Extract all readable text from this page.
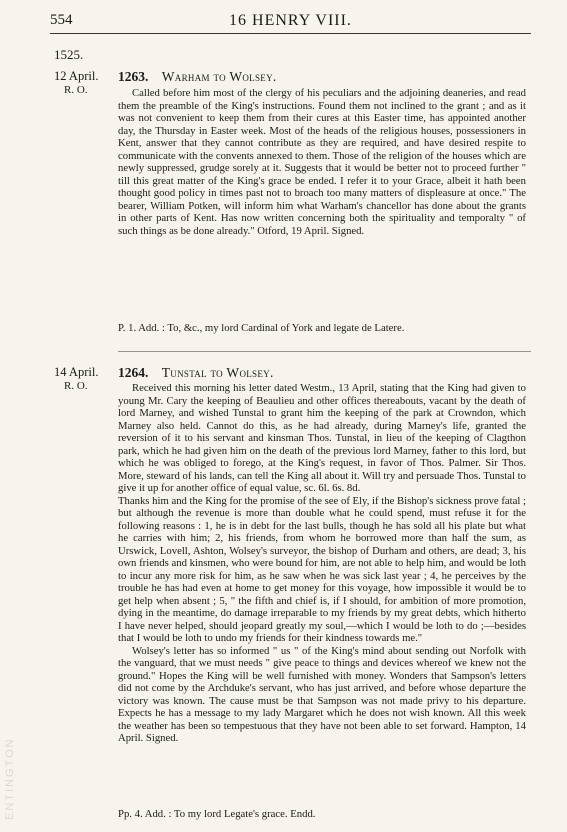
554	16 HENRY VIII.
1525.
12 April.
R. O.
1263. Warham to Wolsey.

Called before him most of the clergy of his peculiars and the adjoining deaneries, and read them the preamble of the King's instructions. Found them not inclined to the grant ; and as it was not convenient to keep them from their cures at this Easter time, has appointed another day, the Thursday in Easter week. Most of the heads of the religious houses, possessioners in Kent, answer that they cannot contribute as they are required, and have desired respite to communicate with the convents annexed to them. Those of the religion of the houses which are newly suppressed, grudge sorely at it. Suggests that it would be better not to proceed further " till this great matter of the King's grace be ended. I refer it to your Grace, albeit it hath been thought good policy in times past not to broach too many matters of displeasure at once." The bearer, William Potken, will inform him what Warham's chancellor has done about the grants in other parts of Kent. Has now written concerning both the spirituality and temporalty " of such things as be done already." Otford, 19 April. Signed.

P. 1. Add. : To, &c., my lord Cardinal of York and legate de Latere.
14 April.
R. O.
1264. Tunstal to Wolsey.

Received this morning his letter dated Westm., 13 April, stating that the King had given to young Mr. Cary the keeping of Beaulieu and other offices thereabouts, vacant by the death of lord Marney, and wished Tunstal to grant him the keeping of the park at Crowndon, which Marney also held. Cannot do this, as he had already, during Marney's life, granted the reversion of it to his servant and kinsman Thos. Tunstal, in lieu of the keeping of Clagthon park, which he had given him on the death of the previous lord Marney, father to this lord, but which he was obliged to forego, at the King's request, in favor of Thos. Palmer. Sir Thos. More, steward of his lands, can tell the King all about it. Will try and persuade Thos. Tunstal to give it up for another office of equal value, sc. 6l. 6s. 8d.

Thanks him and the King for the promise of the see of Ely, if the Bishop's sickness prove fatal ; but although the revenue is more than double what he could spend, must refuse it for the following reasons : 1, he is in debt for the last bulls, though he has sold all his plate but what he carries with him; 2, his friends, from whom he borrowed more than half the sum, as Urswick, Lovell, Ashton, Wolsey's surveyor, the bishop of Durham and others, are dead; 3, his own friends and kinsmen, who were bound for him, are not able to help him, and would be loth to incur any more risk for him, as he saw when he was sick last year ; 4, he perceives by the trouble he has had even at home to get money for this voyage, how impossible it would be to get help when absent ; 5, " the fifth and chief is, if I should, for ambition of more promotion, dying in the meantime, do damage irreparable to my friends by my great debts, which hitherto I have never helped, should jeopard greatly my soul,—which I would be loth to do ;—besides that I would be loth to undo my friends for their kindness towards me."

Wolsey's letter has so informed " us " of the King's mind about sending out Norfolk with the vanguard, that we must needs " give peace to things and devices whereof we knew not the ground." Hopes the King will be well furnished with money. Wonders that Sampson's letters did not come by the Archduke's servant, who has just arrived, and before whose departure the victory was known. The cause must be that Sampson was not made privy to his departure. Expects he has a message to my lady Margaret which he does not wish known. All this week the weather has been so tempestuous that they have not been able to set forward. Hampton, 14 April. Signed.

Pp. 4. Add. : To my lord Legate's grace. Endd.
ENTINGTON
